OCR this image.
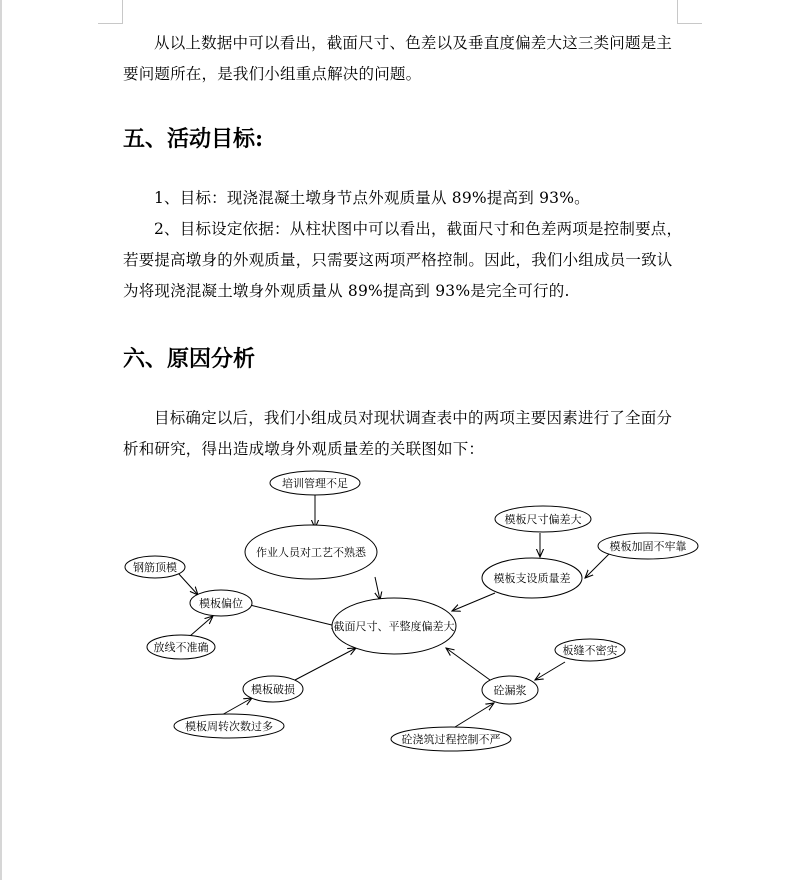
从以上数据中可以看出，截面尺寸、色差以及垂直度偏差大这三类问题是主要问题所在，是我们小组重点解决的问题。

五、活动目标:

1、目标：现浇混凝土墩身节点外观质量从 89%提高到 93%。

2、目标设定依据：从柱状图中可以看出，截面尺寸和色差两项是控制要点，若要提高墩身的外观质量，只需要这两项严格控制。因此，我们小组成员一致认为将现浇混凝土墩身外观质量从 89%提高到 93%是完全可行的.

六、原因分析

目标确定以后，我们小组成员对现状调查表中的两项主要因素进行了全面分析和研究，得出造成墩身外观质量差的关联图如下：

培训管理不足
作业人员对工艺不熟悉
模板尺寸偏差大
模板加固不牢靠
模板支设质量差
钢筋顶模
模板偏位
截面尺寸、平整度偏差大
放线不准确	板缝不密实
砼漏浆
模板破损
模板周转次数过多
砼浇筑过程控制不严
